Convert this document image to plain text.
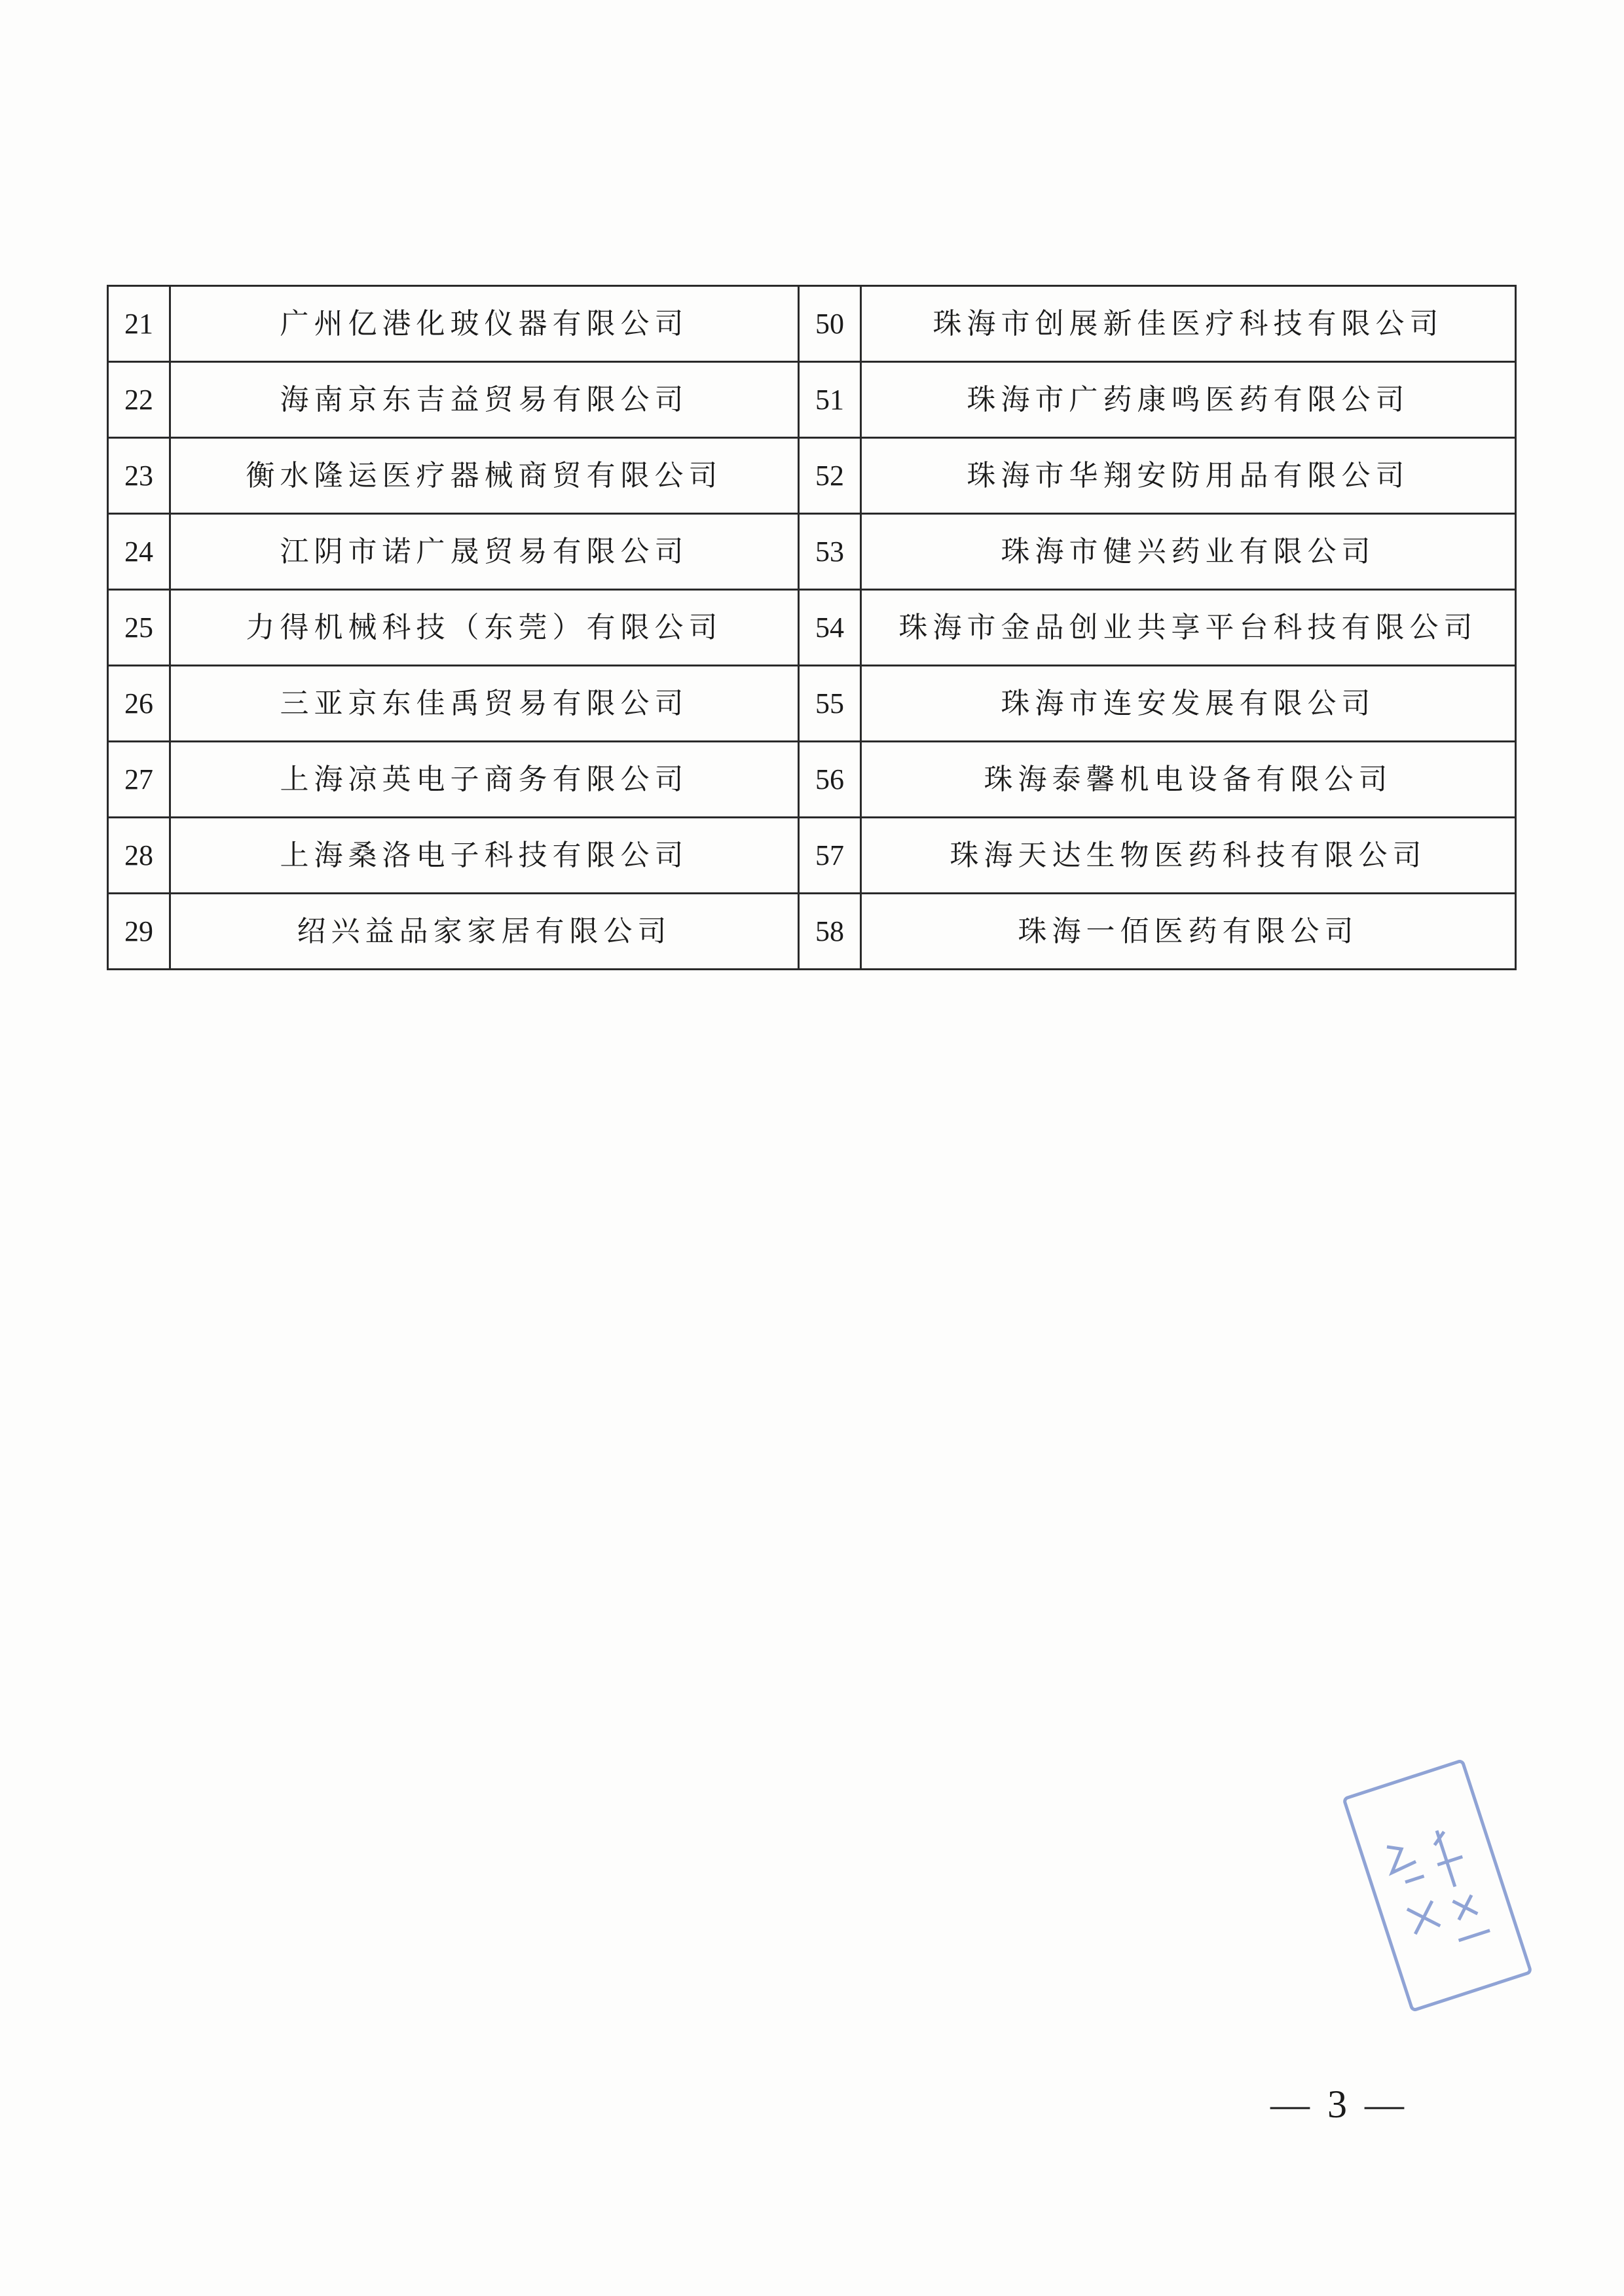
21	广州亿港化玻仪器有限公司	50	珠海市创展新佳医疗科技有限公司
22	海南京东吉益贸易有限公司	51	珠海市广药康鸣医药有限公司
23	衡水隆运医疗器械商贸有限公司	52	珠海市华翔安防用品有限公司
24	江阴市诺广晟贸易有限公司	53	珠海市健兴药业有限公司
25	力得机械科技（东莞）有限公司	54	珠海市金品创业共享平台科技有限公司
26	三亚京东佳禹贸易有限公司	55	珠海市连安发展有限公司
27	上海凉英电子商务有限公司	56	珠海泰馨机电设备有限公司
28	上海桑洛电子科技有限公司	57	珠海天达生物医药科技有限公司
29	绍兴益品家家居有限公司	58	珠海一佰医药有限公司
— 3 —
